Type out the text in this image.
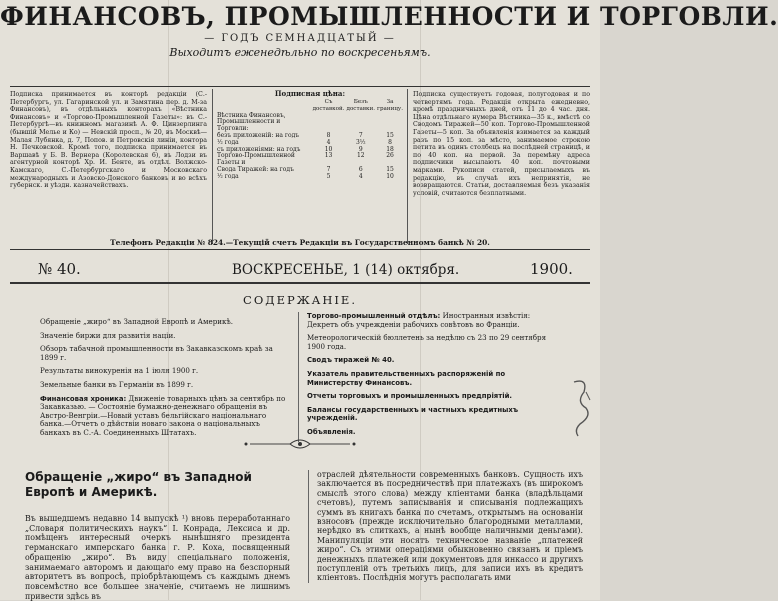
ФИНАНСОВЪ, ПРОМЫШЛЕННОСТИ И ТОРГОВЛИ.
— ГОДЪ СЕМНАДЦАТЫЙ —
Выходитъ еженедѣльно по воскресеньямъ.
Подписка принимается въ конторѣ редакціи (С.-Петербургъ, ул. Гагаринской ул. и Замятина пер. д. М-за Финансовъ), въ отдѣльныхъ конторахъ «Вѣстника Финансовъ» и «Торгово-Промышленной Газеты»: въ С.-Петербургѣ—въ книжномъ магазинѣ А. Ф. Цинзерлинга (бывшій Мелье и Ко) — Невскій просп., № 20, въ Москвѣ—Малая Лубянка, д. 7, Попов. и Петровскія линіи, контора Н. Печковской. Кромѣ того, подписка принимается въ Варшавѣ у Б. В. Вернера (Королевская 6), въ Лодзи въ агентурной конторѣ Хр. И. Бенте, въ отдѣл. Волжско-Камскаго, С.-Петербургскаго и Московскаго международныхъ и Азовско-Донского банковъ и во всѣхъ губернск. и уѣздн. казначействахъ.
Подписная цѣна:
	Съ доставкой.	Безъ доставки.	За границу.
Вѣстника Финансовъ, Промышленности и Торговли:			
безъ приложеній: на годъ	8	7	15
½ года	4	3½	8
съ приложеніями: на годъ	10	9	18
Торгово-Промышленной Газеты и	13	12	26
Свода Тиражей: на годъ	7	6	15
½ года	5	4	10
Подписка существуетъ годовая, полугодовая и по четвертямъ года. Редакція открыта ежедневно, кромѣ праздничныхъ дней, отъ 11 до 4 час. дня. Цѣна отдѣльнаго нумера Вѣстника—35 к., вмѣстѣ со Сводомъ Тиражей—50 коп. Торгово-Промышленной Газеты—5 коп. За объявленія взимается за каждый разъ по 15 коп. за мѣсто, занимаемое строкою петита въ одинъ столбецъ на послѣдней страницѣ, и по 40 коп. на первой. За перемѣну адреса подписчики высылаютъ 40 коп. почтовыми марками. Рукописи статей, присылаемыхъ въ редакцію, въ случаѣ ихъ непринятія, не возвращаются. Статьи, доставляемыя безъ указанія условій, считаются безплатными.
Телефонъ Редакціи № 824.—Текущій счетъ Редакціи въ Государственномъ банкѣ № 20.
№ 40.	ВОСКРЕСЕНЬЕ, 1 (14) октября.	1900.
СОДЕРЖАНІЕ.
Обращеніе „жиро“ въ Западной Европѣ и Америкѣ.
Значеніе биржи для развитія націи.
Обзоръ табачной промышленности въ Закавказскомъ краѣ за 1899 г.
Результаты винокуренія на 1 іюля 1900 г.
Земельные банки въ Германіи въ 1899 г.
Финансовая хроника: Движеніе товарныхъ цѣнъ за сентябрь по Закавказью. — Состояніе бумажно-денежнаго обращенія въ Австро-Венгріи.—Новый уставъ бельгійскаго національнаго банка.—Отчетъ о дѣйствіи новаго закона о національныхъ банкахъ въ С.-А. Соединенныхъ Штатахъ.
Торгово-промышленный отдѣлъ: Иностранныя извѣстія: Декретъ объ учрежденіи рабочихъ совѣтовъ во Франціи.
Метеорологическій бюллетень за недѣлю съ 23 по 29 сентября 1900 года.
Сводъ тиражей № 40.
Указатель правительственныхъ распоряженій по Министерству Финансовъ.
Отчеты торговыхъ и промышленныхъ предпріятій.
Балансы государственныхъ и частныхъ кредитныхъ учрежденій.
Объявленія.
Обращеніе „жиро“ въ Западной Европѣ и Америкѣ.
Въ вышедшемъ недавно 14 выпускѣ ¹) вновь переработаннаго „Словаря политическихъ наукъ“ І. Конрада, Лексиса и др. помѣщенъ интересный очеркъ нынѣшняго президента германскаго имперскаго банка г. Р. Коха, посвященный обращенію „жиро“. Въ виду спеціальнаго положенія, занимаемаго авторомъ и дающаго ему право на безспорный авторитетъ въ вопросѣ, пріобрѣтающемъ съ каждымъ днемъ повсемѣстно все большее значеніе, считаемъ не лишнимъ привести здѣсь въ
отраслей дѣятельности современныхъ банковъ. Сущность ихъ заключается въ посредничествѣ при платежахъ (въ широкомъ смыслѣ этого слова) между кліентами банка (владѣльцами счетовъ), путемъ записыванія и списыванія подлежащихъ суммъ въ книгахъ банка по счетамъ, открытымъ на основаніи взносовъ (прежде исключительно благородными металлами, нерѣдко въ слиткахъ, а нынѣ вообще наличными деньгами). Манипуляціи эти носятъ техническое названіе „платежей жиро“. Съ этими операціями обыкновенно связанъ и пріемъ денежныхъ платежей или документовъ для инкассо и другихъ поступленій отъ третьихъ лицъ, для записи ихъ въ кредитъ кліентовъ. Послѣднія могутъ располагать ими
